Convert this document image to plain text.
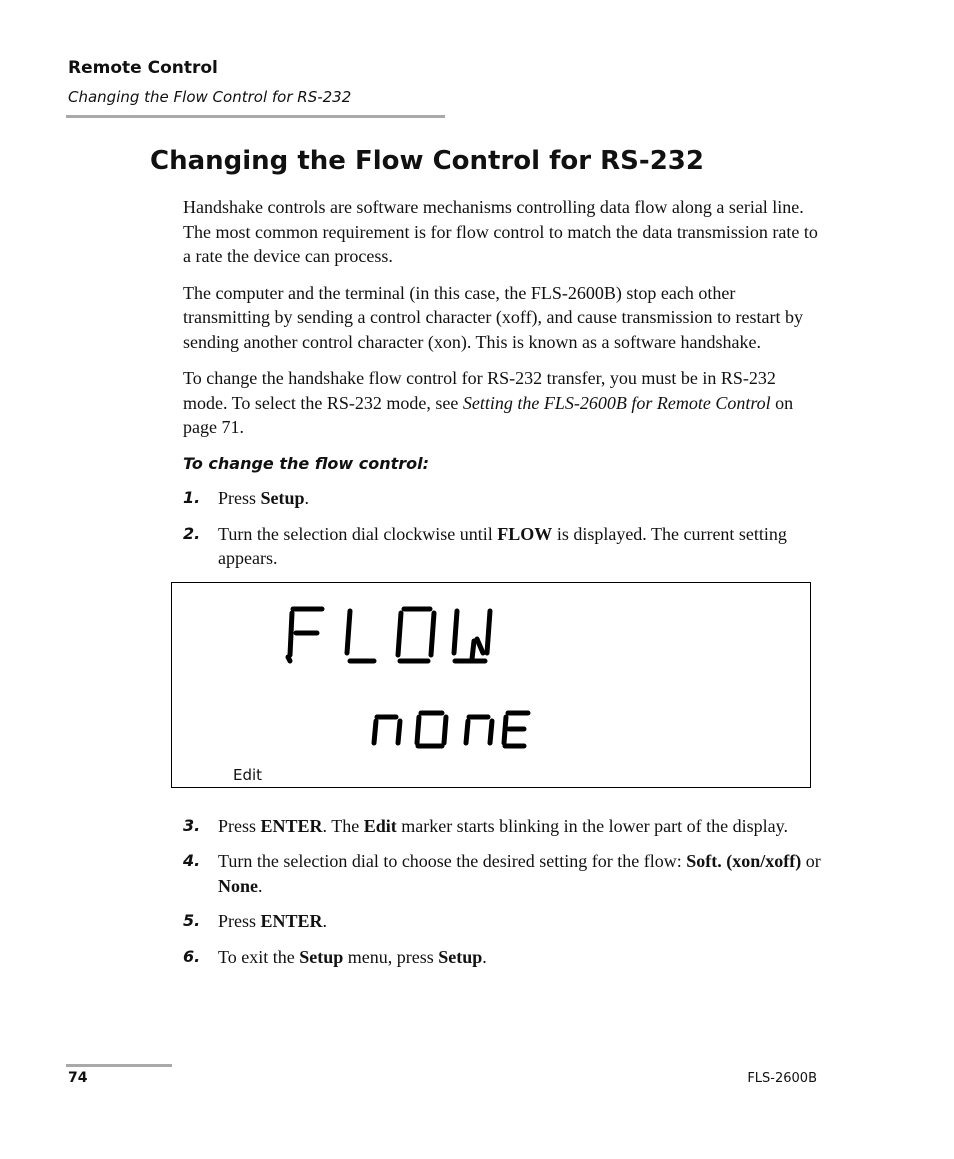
Remote Control
Changing the Flow Control for RS-232
Changing the Flow Control for RS-232

Handshake controls are software mechanisms controlling data flow along a serial line. The most common requirement is for flow control to match the data transmission rate to a rate the device can process.

The computer and the terminal (in this case, the FLS-2600B) stop each other transmitting by sending a control character (xoff), and cause transmission to restart by sending another control character (xon). This is known as a software handshake.

To change the handshake flow control for RS-232 transfer, you must be in RS-232 mode. To select the RS-232 mode, see Setting the FLS-2600B for Remote Control on page 71.

To change the flow control:
1. Press Setup.
2. Turn the selection dial clockwise until FLOW is displayed. The current setting appears.
Edit
3. Press ENTER. The Edit marker starts blinking in the lower part of the display.
4. Turn the selection dial to choose the desired setting for the flow: Soft. (xon/xoff) or None.
5. Press ENTER.
6. To exit the Setup menu, press Setup.
74	FLS-2600B
